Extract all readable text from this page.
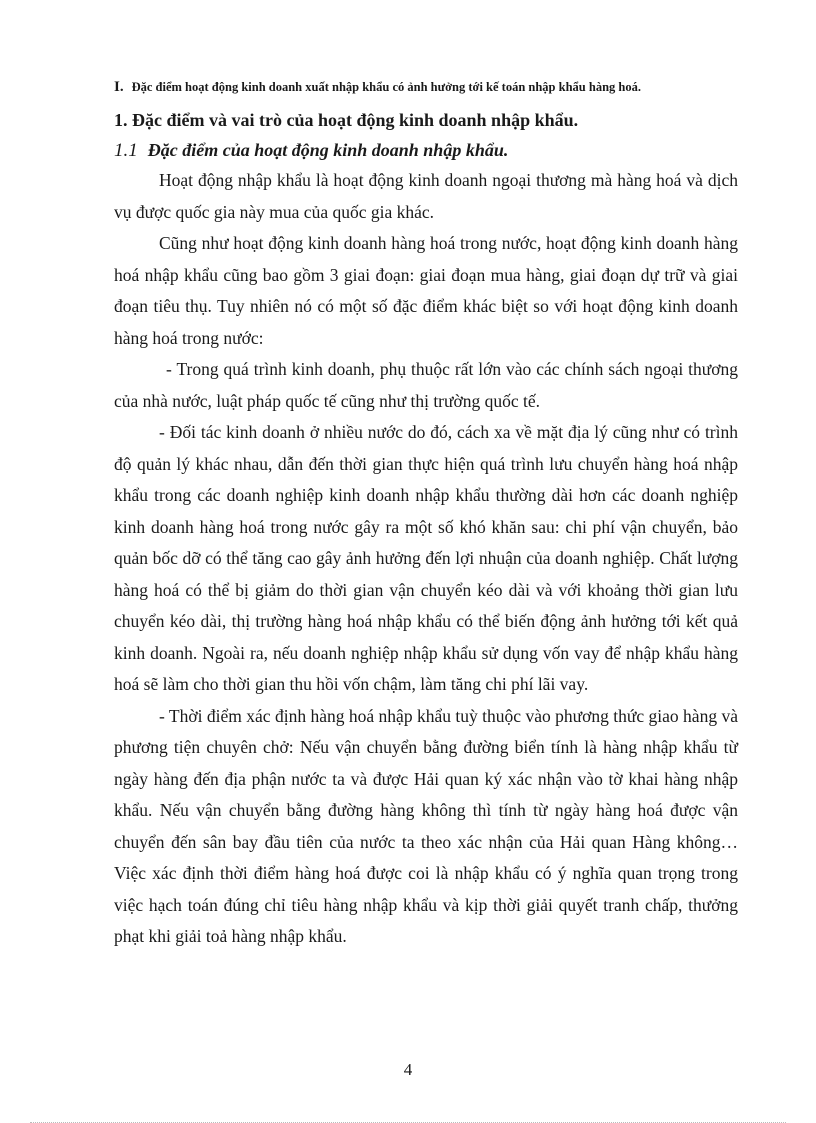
I. Đặc điểm hoạt động kinh doanh xuất nhập khẩu có ảnh hưởng tới kế toán nhập khẩu hàng hoá.
1. Đặc điểm và vai trò của hoạt động kinh doanh nhập khẩu.
1.1 Đặc điểm của hoạt động kinh doanh nhập khẩu.

Hoạt động nhập khẩu là hoạt động kinh doanh ngoại thương mà hàng hoá và dịch vụ được quốc gia này mua của quốc gia khác.

Cũng như hoạt động kinh doanh hàng hoá trong nước, hoạt động kinh doanh hàng hoá nhập khẩu cũng bao gồm 3 giai đoạn: giai đoạn mua hàng, giai đoạn dự trữ và giai đoạn tiêu thụ. Tuy nhiên nó có một số đặc điểm khác biệt so với hoạt động kinh doanh hàng hoá trong nước:

- Trong quá trình kinh doanh, phụ thuộc rất lớn vào các chính sách ngoại thương của nhà nước, luật pháp quốc tế cũng như thị trường quốc tế.

- Đối tác kinh doanh ở nhiều nước do đó, cách xa về mặt địa lý cũng như có trình độ quản lý khác nhau, dẫn đến thời gian thực hiện quá trình lưu chuyển hàng hoá nhập khẩu trong các doanh nghiệp kinh doanh nhập khẩu thường dài hơn các doanh nghiệp kinh doanh hàng hoá trong nước gây ra một số khó khăn sau: chi phí vận chuyển, bảo quản bốc dỡ có thể tăng cao gây ảnh hưởng đến lợi nhuận của doanh nghiệp. Chất lượng hàng hoá có thể bị giảm do thời gian vận chuyển kéo dài và với khoảng thời gian lưu chuyển kéo dài, thị trường hàng hoá nhập khẩu có thể biến động ảnh hưởng tới kết quả kinh doanh. Ngoài ra, nếu doanh nghiệp nhập khẩu sử dụng vốn vay để nhập khẩu hàng hoá sẽ làm cho thời gian thu hồi vốn chậm, làm tăng chi phí lãi vay.

- Thời điểm xác định hàng hoá nhập khẩu tuỳ thuộc vào phương thức giao hàng và phương tiện chuyên chở: Nếu vận chuyển bằng đường biển tính là hàng nhập khẩu từ ngày hàng đến địa phận nước ta và được Hải quan ký xác nhận vào tờ khai hàng nhập khẩu. Nếu vận chuyển bằng đường hàng không thì tính từ ngày hàng hoá được vận chuyển đến sân bay đầu tiên của nước ta theo xác nhận của Hải quan Hàng không… Việc xác định thời điểm hàng hoá được coi là nhập khẩu có ý nghĩa quan trọng trong việc hạch toán đúng chỉ tiêu hàng nhập khẩu và kịp thời giải quyết tranh chấp, thưởng phạt khi giải toả hàng nhập khẩu.

4
